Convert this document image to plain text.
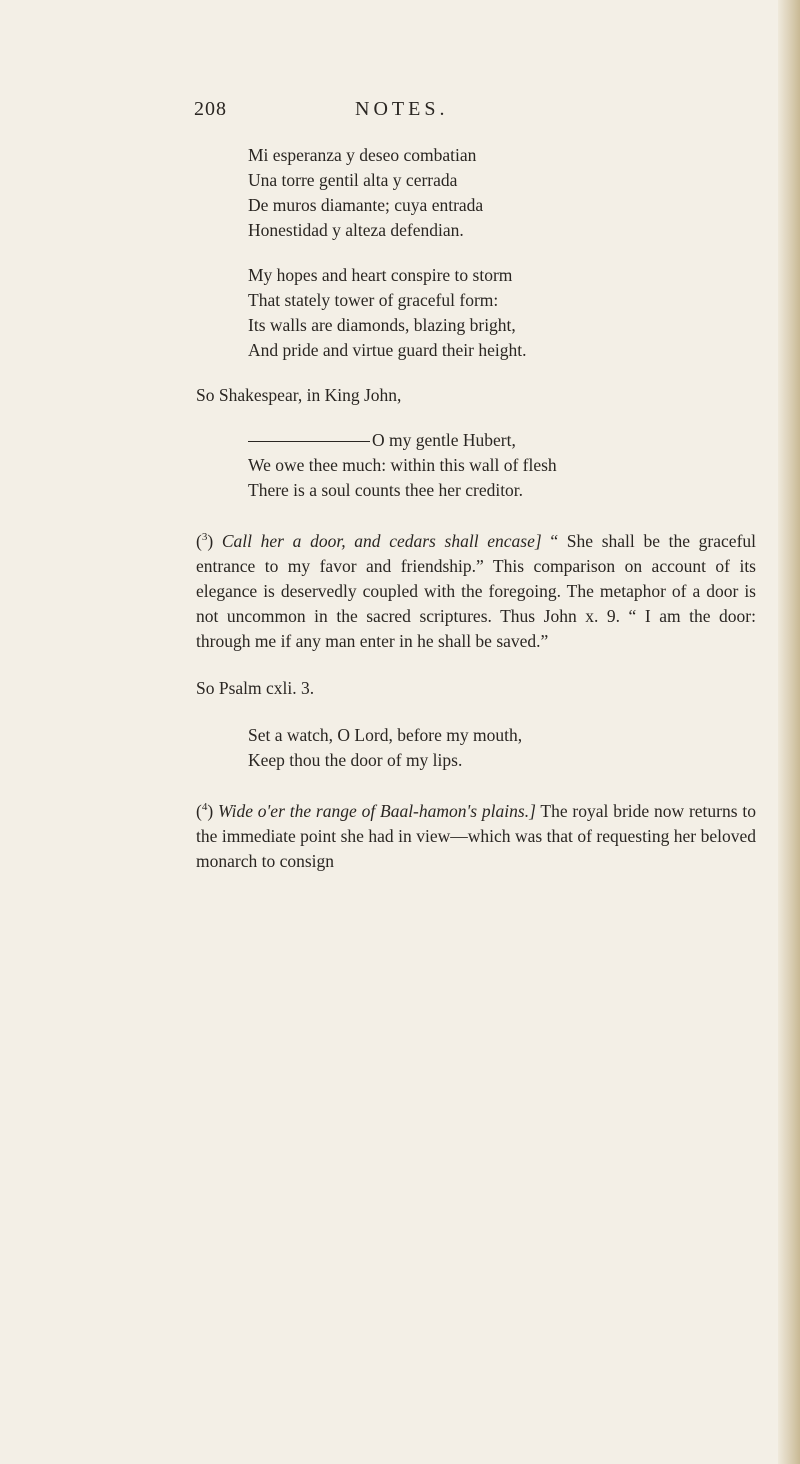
208	NOTES.
Mi esperanza y deseo combatian
Una torre gentil alta y cerrada
De muros diamante; cuya entrada
Honestidad y alteza defendian.
My hopes and heart conspire to storm
That stately tower of graceful form:
Its walls are diamonds, blazing bright,
And pride and virtue guard their height.
So Shakespear, in King John,
O my gentle Hubert,
We owe thee much: within this wall of flesh
There is a soul counts thee her creditor.
($^3$) Call her a door, and cedars shall encase] “ She shall be the graceful entrance to my favor and friendship.” This comparison on account of its elegance is deservedly coupled with the foregoing. The metaphor of a door is not uncommon in the sacred scriptures. Thus John x. 9. “ I am the door: through me if any man enter in he shall be saved.”
So Psalm cxli. 3.
Set a watch, O Lord, before my mouth,
Keep thou the door of my lips.
($^4$) Wide o'er the range of Baal-hamon's plains.] The royal bride now returns to the immediate point she had in view—which was that of requesting her beloved monarch to consign
